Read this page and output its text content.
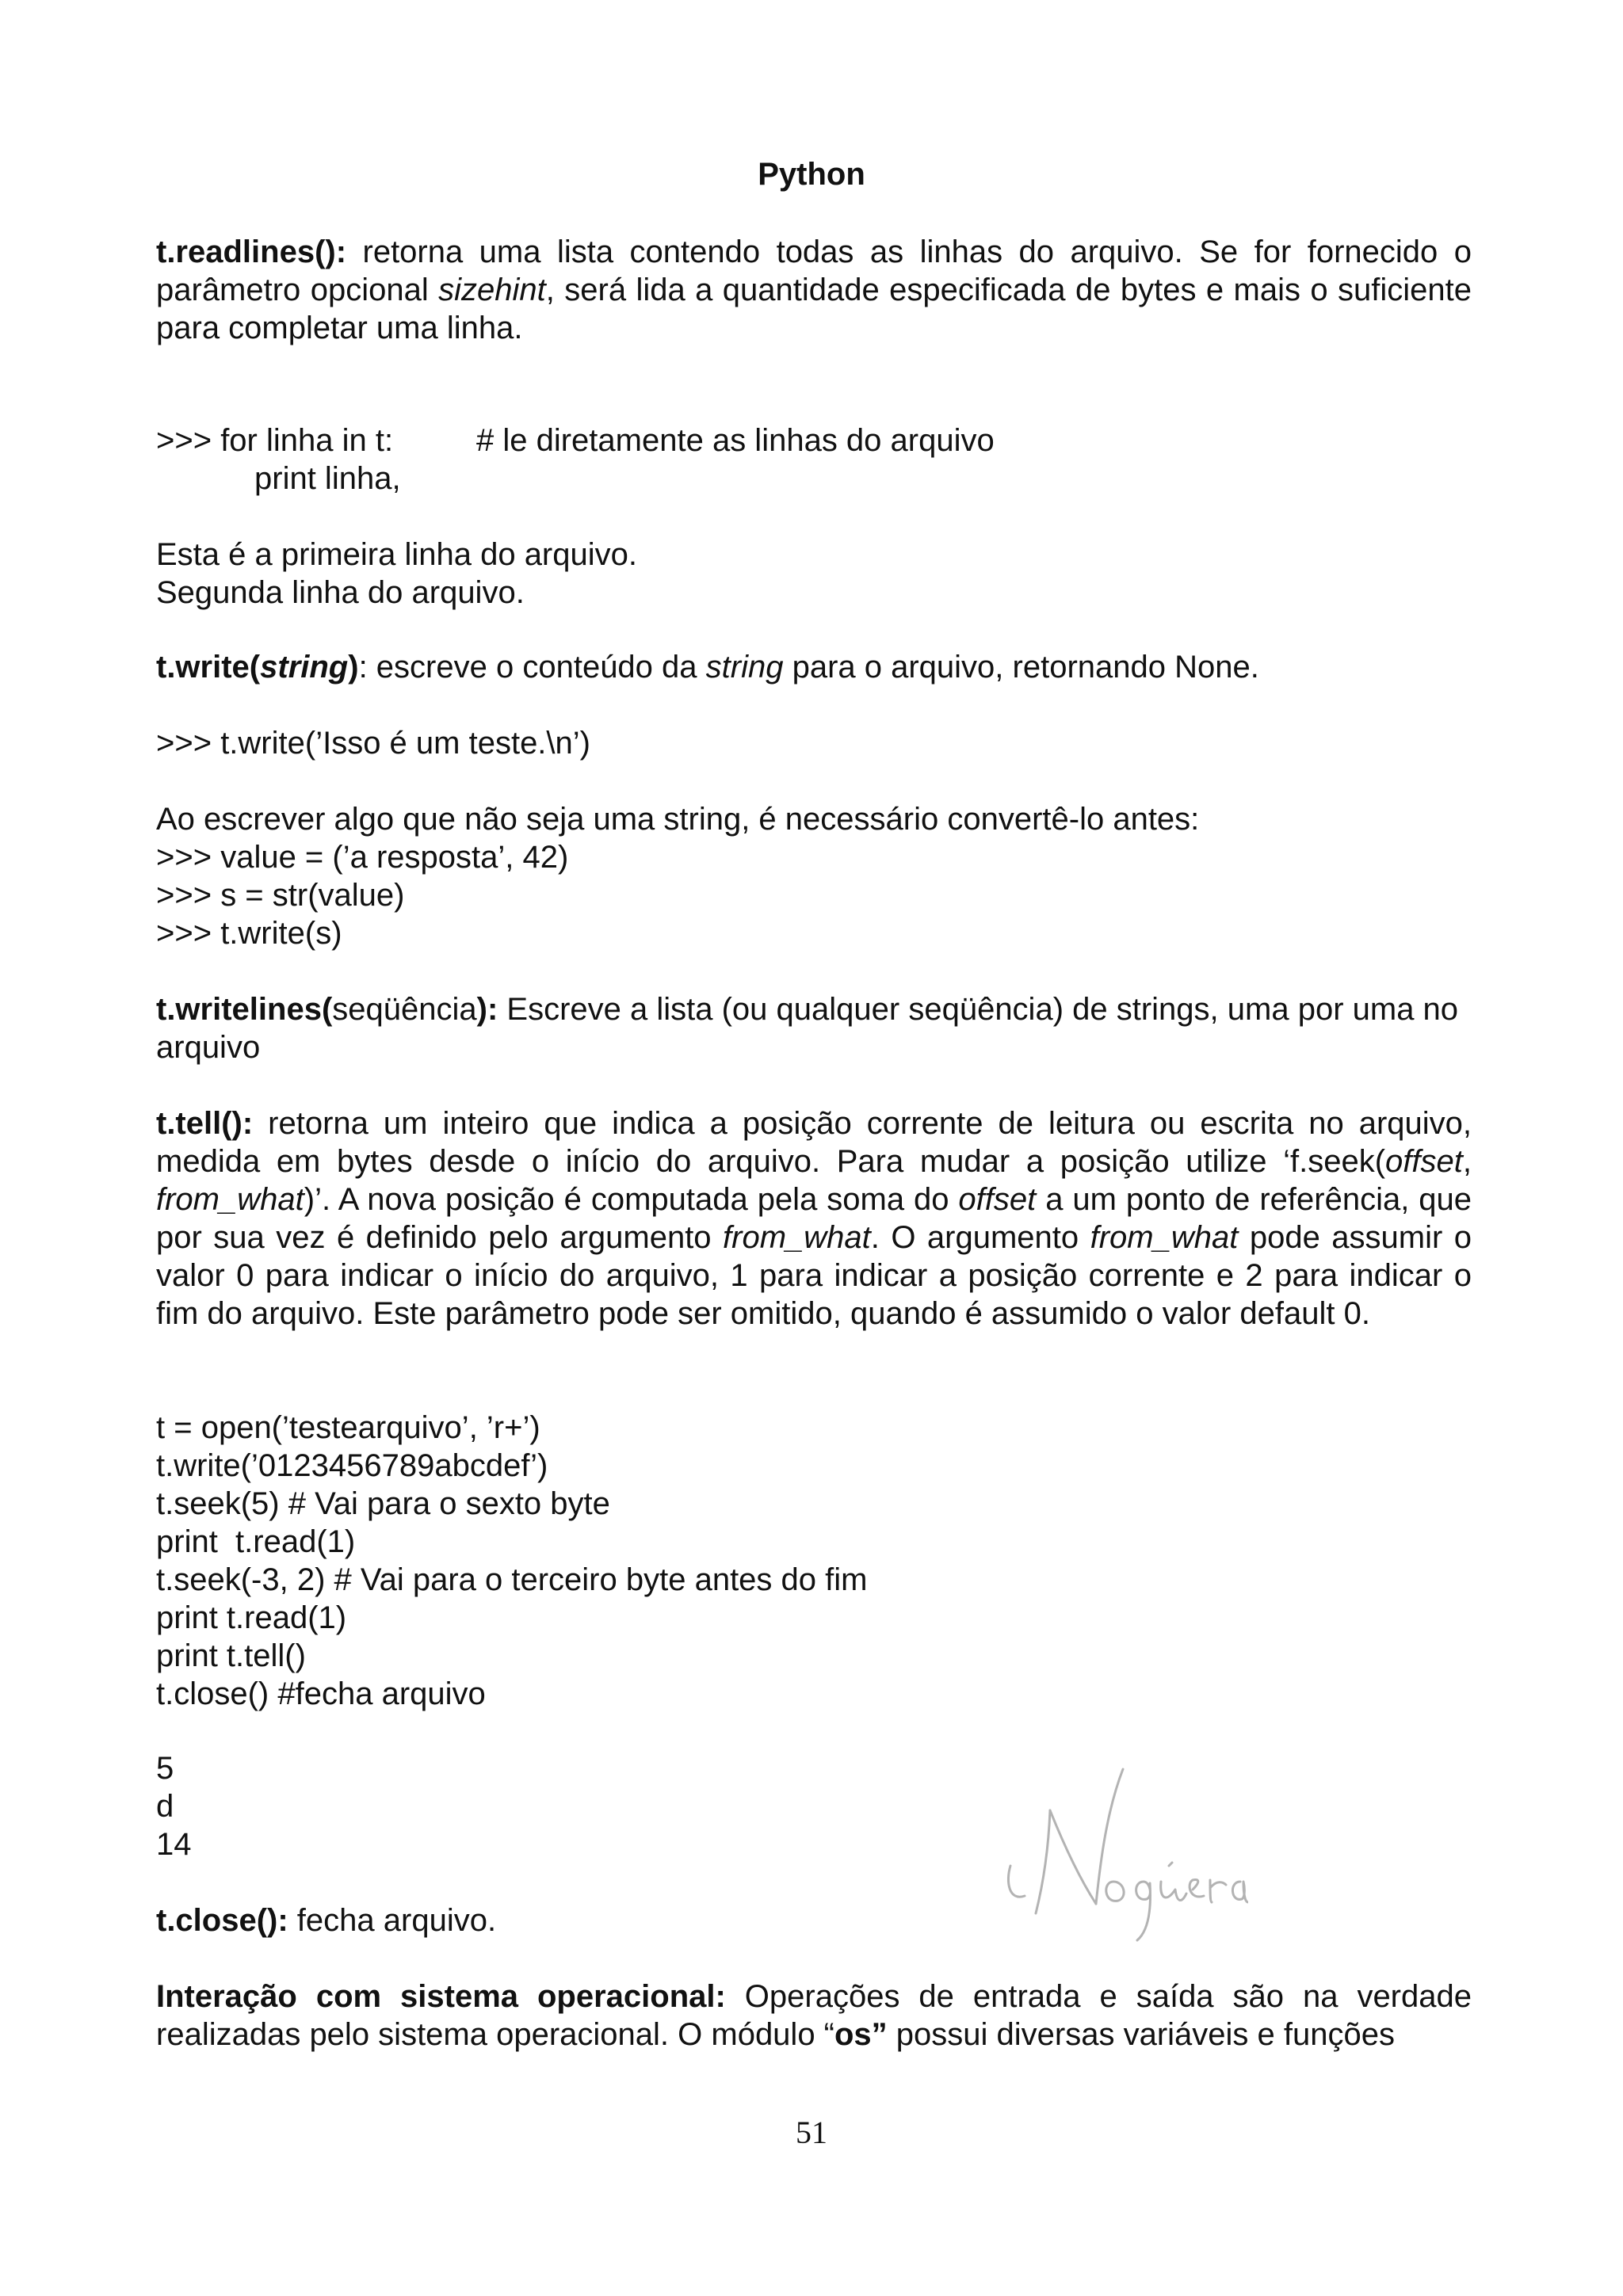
Python
t.readlines(): retorna uma lista contendo todas as linhas do arquivo. Se for fornecido o parâmetro opcional sizehint, será lida a quantidade especificada de bytes e mais o suficiente para completar uma linha.
>>> for linha in t:	# le diretamente as linhas do arquivo
print linha,
Esta é a primeira linha do arquivo.
Segunda linha do arquivo.
t.write(string): escreve o conteúdo da string para o arquivo, retornando None.
>>> t.write(’Isso é um teste.\n’)
Ao escrever algo que não seja uma string, é necessário convertê-lo antes:
>>> value = (’a resposta’, 42)
>>> s = str(value)
>>> t.write(s)
t.writelines(seqüência): Escreve a lista (ou qualquer seqüência) de strings, uma por uma no arquivo
t.tell(): retorna um inteiro que indica a posição corrente de leitura ou escrita no arquivo, medida em bytes desde o início do arquivo. Para mudar a posição utilize ‘f.seek(offset, from_what)’. A nova posição é computada pela soma do offset a um ponto de referência, que por sua vez é definido pelo argumento from_what. O argumento from_what pode assumir o valor 0 para indicar o início do arquivo, 1 para indicar a posição corrente e 2 para indicar o fim do arquivo. Este parâmetro pode ser omitido, quando é assumido o valor default 0.
t = open(’testearquivo’, ’r+’)
t.write(’0123456789abcdef’)
t.seek(5) # Vai para o sexto byte
print  t.read(1)
t.seek(-3, 2) # Vai para o terceiro byte antes do fim
print t.read(1)
print t.tell()
t.close() #fecha arquivo
5
d
14
t.close(): fecha arquivo.
Interação com sistema operacional: Operações de entrada e saída são na verdade realizadas pelo sistema operacional. O módulo “os” possui diversas variáveis e funções
51
